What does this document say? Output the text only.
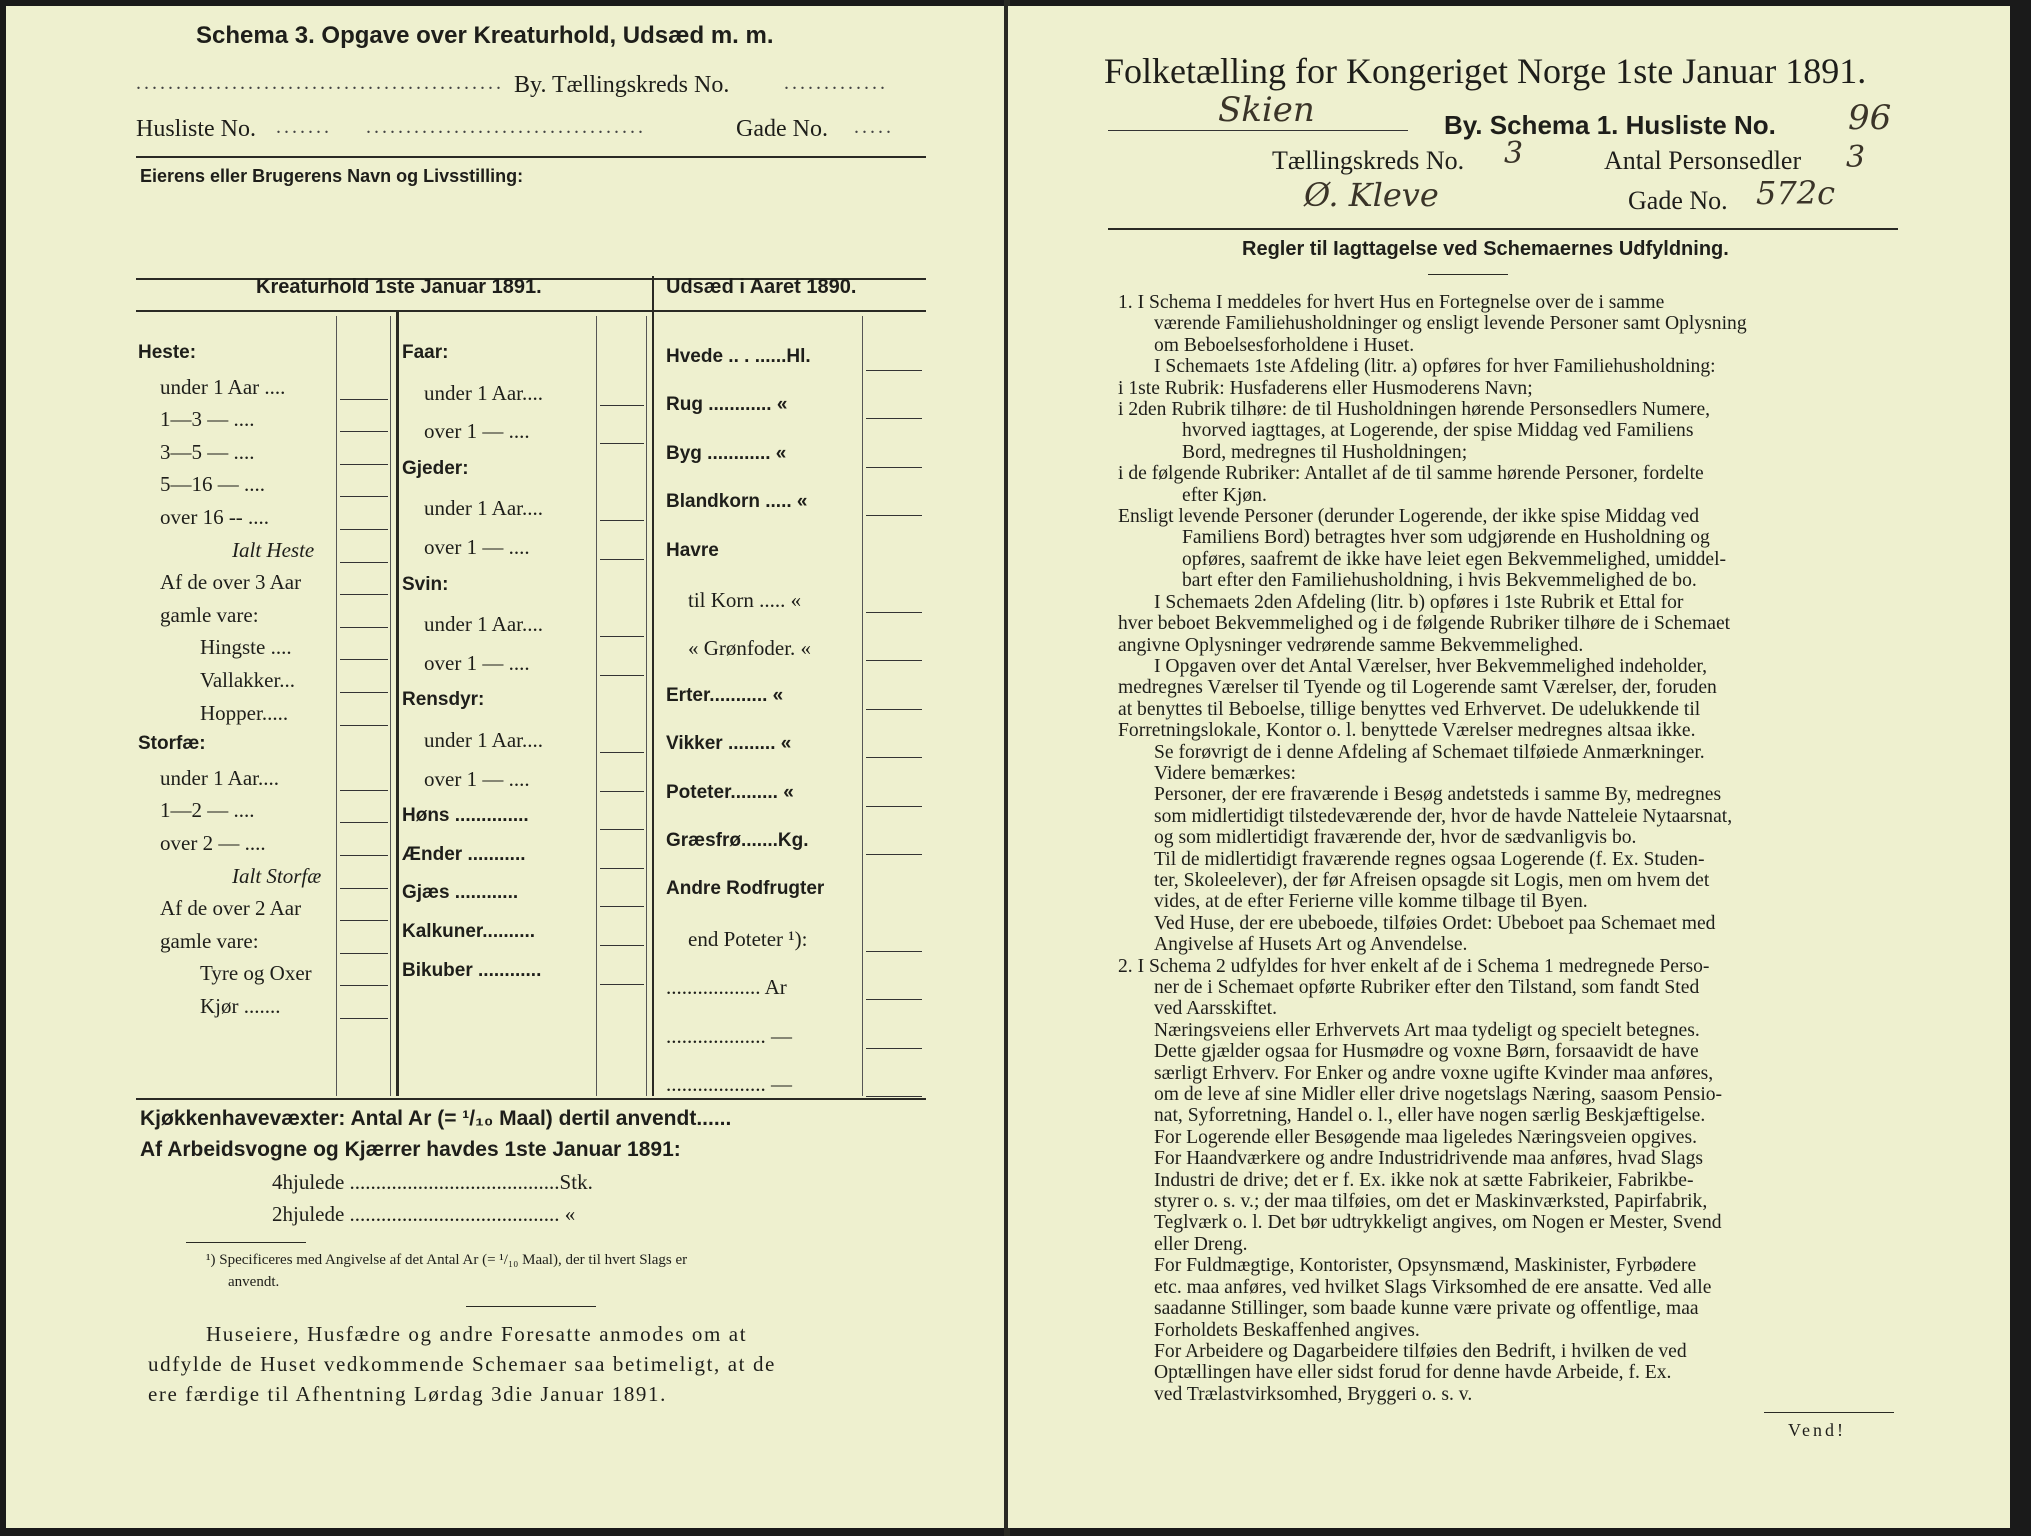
Schema 3. Opgave over Kreaturhold, Udsæd m. m.
.............................................. By. Tællingskreds No.	.............
Husliste No. ....... ...................................	Gade No. .....
Eierens eller Brugerens Navn og Livsstilling:
Kreaturhold 1ste Januar 1891.	Udsæd i Aaret 1890.
Heste:
under 1 Aar ....
1—3 — ....
3—5 — ....
5—16 — ....
over 16 -- ....
Ialt Heste
Af de over 3 Aar
gamle vare:
Hingste ....
Vallakker...
Hopper.....
Storfæ:
under 1 Aar....
1—2 — ....
over 2 — ....
Ialt Storfæ
Af de over 2 Aar
gamle vare:
Tyre og Oxer
Kjør .......
Faar:
under 1 Aar....
over 1 — ....
Gjeder:
under 1 Aar....
over 1 — ....
Svin:
under 1 Aar....
over 1 — ....
Rensdyr:
under 1 Aar....
over 1 — ....
Høns ..............
Ænder ...........
Gjæs ............
Kalkuner..........
Bikuber ............
Hvede .. . ......Hl.
Rug ............ «
Byg ............ «
Blandkorn ..... «
Havre
til Korn ..... «
« Grønfoder. «
Erter........... «
Vikker ......... «
Poteter......... «
Græsfrø.......Kg.
Andre Rodfrugter
end Poteter ¹):
.................. Ar
................... —
................... —
Kjøkkenhavevæxter: Antal Ar (= ¹/₁₀ Maal) dertil anvendt......
Af Arbeidsvogne og Kjærrer havdes 1ste Januar 1891:
4hjulede ........................................Stk.
2hjulede ........................................ «
¹) Specificeres med Angivelse af det Antal Ar (= ¹/₁₀ Maal), der til hvert Slags er
anvendt.
Huseiere, Husfædre og andre Foresatte anmodes om at
udfylde de Huset vedkommende Schemaer saa betimeligt, at de
ere færdige til Afhentning Lørdag 3die Januar 1891.
Folketælling for Kongeriget Norge 1ste Januar 1891.
Skien	By. Schema 1. Husliste No. 96
Tællingskreds No. 3	Antal Personsedler 3
Ø. Kleve	Gade No. 572c
Regler til Iagttagelse ved Schemaernes Udfyldning.
1. I Schema I meddeles for hvert Hus en Fortegnelse over de i samme
værende Familiehusholdninger og ensligt levende Personer samt Oplysning
om Beboelsesforholdene i Huset.
I Schemaets 1ste Afdeling (litr. a) opføres for hver Familiehusholdning:
i 1ste Rubrik: Husfaderens eller Husmoderens Navn;
i 2den Rubrik tilhøre: de til Husholdningen hørende Personsedlers Numere,
hvorved iagttages, at Logerende, der spise Middag ved Familiens
Bord, medregnes til Husholdningen;
i de følgende Rubriker: Antallet af de til samme hørende Personer, fordelte
efter Kjøn.
Ensligt levende Personer (derunder Logerende, der ikke spise Middag ved
Familiens Bord) betragtes hver som udgjørende en Husholdning og
opføres, saafremt de ikke have leiet egen Bekvemmelighed, umiddel-
bart efter den Familiehusholdning, i hvis Bekvemmelighed de bo.
I Schemaets 2den Afdeling (litr. b) opføres i 1ste Rubrik et Ettal for
hver beboet Bekvemmelighed og i de følgende Rubriker tilhøre de i Schemaet
angivne Oplysninger vedrørende samme Bekvemmelighed.
I Opgaven over det Antal Værelser, hver Bekvemmelighed indeholder,
medregnes Værelser til Tyende og til Logerende samt Værelser, der, foruden
at benyttes til Beboelse, tillige benyttes ved Erhvervet. De udelukkende til
Forretningslokale, Kontor o. l. benyttede Værelser medregnes altsaa ikke.
Se forøvrigt de i denne Afdeling af Schemaet tilføiede Anmærkninger.
Videre bemærkes:
Personer, der ere fraværende i Besøg andetsteds i samme By, medregnes
som midlertidigt tilstedeværende der, hvor de havde Natteleie Nytaarsnat,
og som midlertidigt fraværende der, hvor de sædvanligvis bo.
Til de midlertidigt fraværende regnes ogsaa Logerende (f. Ex. Studen-
ter, Skoleelever), der før Afreisen opsagde sit Logis, men om hvem det
vides, at de efter Ferierne ville komme tilbage til Byen.
Ved Huse, der ere ubeboede, tilføies Ordet: Ubeboet paa Schemaet med
Angivelse af Husets Art og Anvendelse.
2. I Schema 2 udfyldes for hver enkelt af de i Schema 1 medregnede Perso-
ner de i Schemaet opførte Rubriker efter den Tilstand, som fandt Sted
ved Aarsskiftet.
Næringsveiens eller Erhvervets Art maa tydeligt og specielt betegnes.
Dette gjælder ogsaa for Husmødre og voxne Børn, forsaavidt de have
særligt Erhverv. For Enker og andre voxne ugifte Kvinder maa anføres,
om de leve af sine Midler eller drive nogetslags Næring, saasom Pensio-
nat, Syforretning, Handel o. l., eller have nogen særlig Beskjæftigelse.
For Logerende eller Besøgende maa ligeledes Næringsveien opgives.
For Haandværkere og andre Industridrivende maa anføres, hvad Slags
Industri de drive; det er f. Ex. ikke nok at sætte Fabrikeier, Fabrikbe-
styrer o. s. v.; der maa tilføies, om det er Maskinværksted, Papirfabrik,
Teglværk o. l. Det bør udtrykkeligt angives, om Nogen er Mester, Svend
eller Dreng.
For Fuldmægtige, Kontorister, Opsynsmænd, Maskinister, Fyrbødere
etc. maa anføres, ved hvilket Slags Virksomhed de ere ansatte. Ved alle
saadanne Stillinger, som baade kunne være private og offentlige, maa
Forholdets Beskaffenhed angives.
For Arbeidere og Dagarbeidere tilføies den Bedrift, i hvilken de ved
Optællingen have eller sidst forud for denne havde Arbeide, f. Ex.
ved Trælastvirksomhed, Bryggeri o. s. v.
Vend!
